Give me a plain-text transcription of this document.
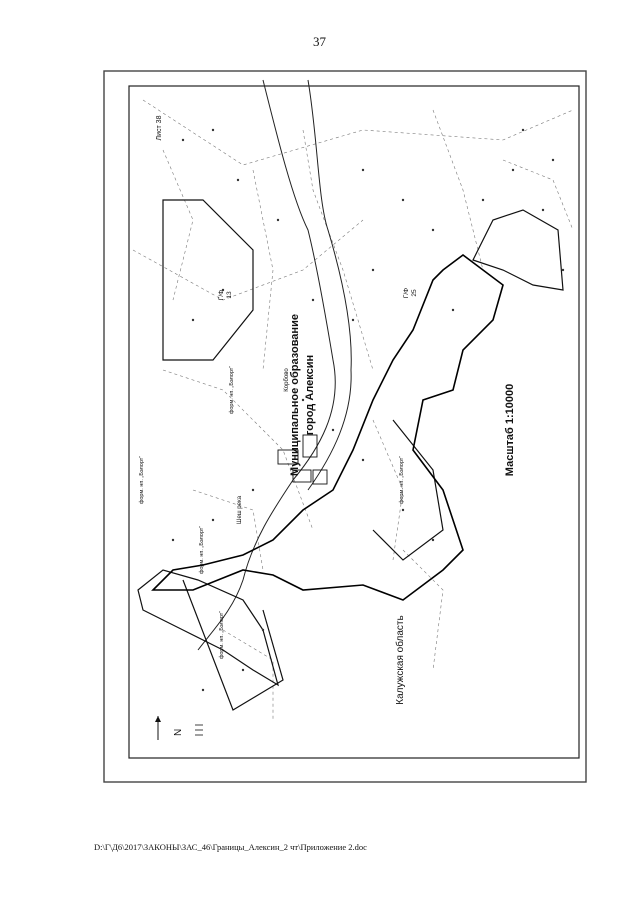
37
N
Муниципальное образование город Алексин	Масштаб 1:10000
Калужская область
Лист 38
Г/Ф 13	Г/Ф 25
Шеш река
Корбово
форм. нп. „Бэлорт“
форм. нп. „Бэлорт“
форм. нп. „Бэлорт“
форм. нп. „Бэлорт“
форм. нп. „Бэлорт“
D:\Г\Д6\2017\ЗАКОНЫ\ЗАС_46\Границы_Алексин_2 чт\Приложение 2.doc
